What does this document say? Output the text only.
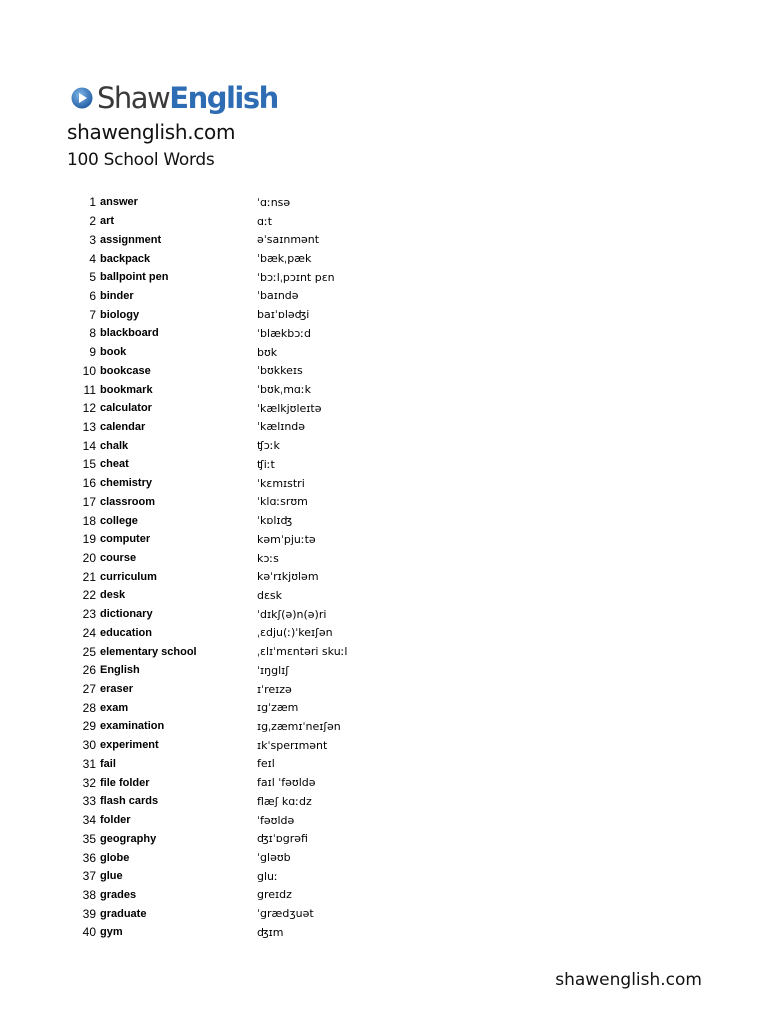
ShawEnglish
shawenglish.com
100 School Words
1 answer	ˈɑːnsə
2 art	ɑːt
3 assignment	əˈsaɪnmənt
4 backpack	ˈbækˌpæk
5 ballpoint pen	ˈbɔːlˌpɔɪnt pɛn
6 binder	ˈbaɪndə
7 biology	baɪˈɒləʤi
8 blackboard	ˈblækbɔːd
9 book	bʊk
10 bookcase	ˈbʊkkeɪs
11 bookmark	ˈbʊkˌmɑːk
12 calculator	ˈkælkjʊleɪtə
13 calendar	ˈkælɪndə
14 chalk	ʧɔːk
15 cheat	ʧiːt
16 chemistry	ˈkɛmɪstri
17 classroom	ˈklɑːsrʊm
18 college	ˈkɒlɪʤ
19 computer	kəmˈpjuːtə
20 course	kɔːs
21 curriculum	kəˈrɪkjʊləm
22 desk	dɛsk
23 dictionary	ˈdɪkʃ(ə)n(ə)ri
24 education	ˌɛdju(ː)ˈkeɪʃən
25 elementary school	ˌɛlɪˈmɛntəri skuːl
26 English	ˈɪŋglɪʃ
27 eraser	ɪˈreɪzə
28 exam	ɪgˈzæm
29 examination	ɪgˌzæmɪˈneɪʃən
30 experiment	ɪkˈsperɪmənt
31 fail	feɪl
32 file folder	faɪl ˈfəʊldə
33 flash cards	flæʃ kɑːdz
34 folder	ˈfəʊldə
35 geography	ʤɪˈɒgrəfi
36 globe	ˈgləʊb
37 glue	gluː
38 grades	greɪdz
39 graduate	ˈgrædʒuət
40 gym	ʤɪm
shawenglish.com
